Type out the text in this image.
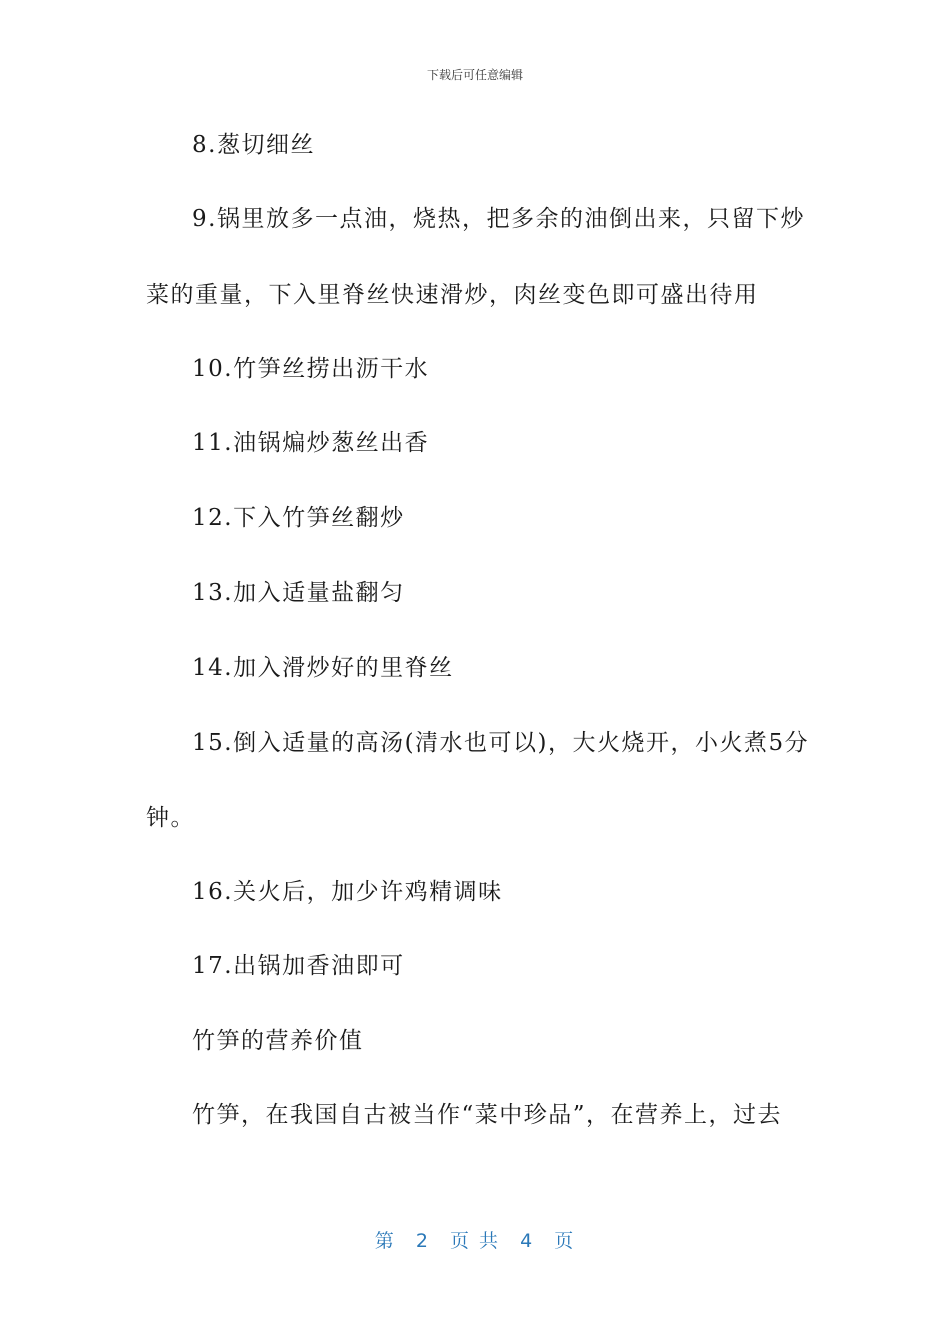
下载后可任意编辑
8.葱切细丝
9.锅里放多一点油，烧热，把多余的油倒出来，只留下炒
菜的重量，下入里脊丝快速滑炒，肉丝变色即可盛出待用
10.竹笋丝捞出沥干水
11.油锅煸炒葱丝出香
12.下入竹笋丝翻炒
13.加入适量盐翻匀
14.加入滑炒好的里脊丝
15.倒入适量的高汤(清水也可以)，大火烧开，小火煮5分
钟。
16.关火后，加少许鸡精调味
17.出锅加香油即可
竹笋的营养价值
竹笋，在我国自古被当作“菜中珍品”，在营养上，过去
第 2 页 共 4 页
